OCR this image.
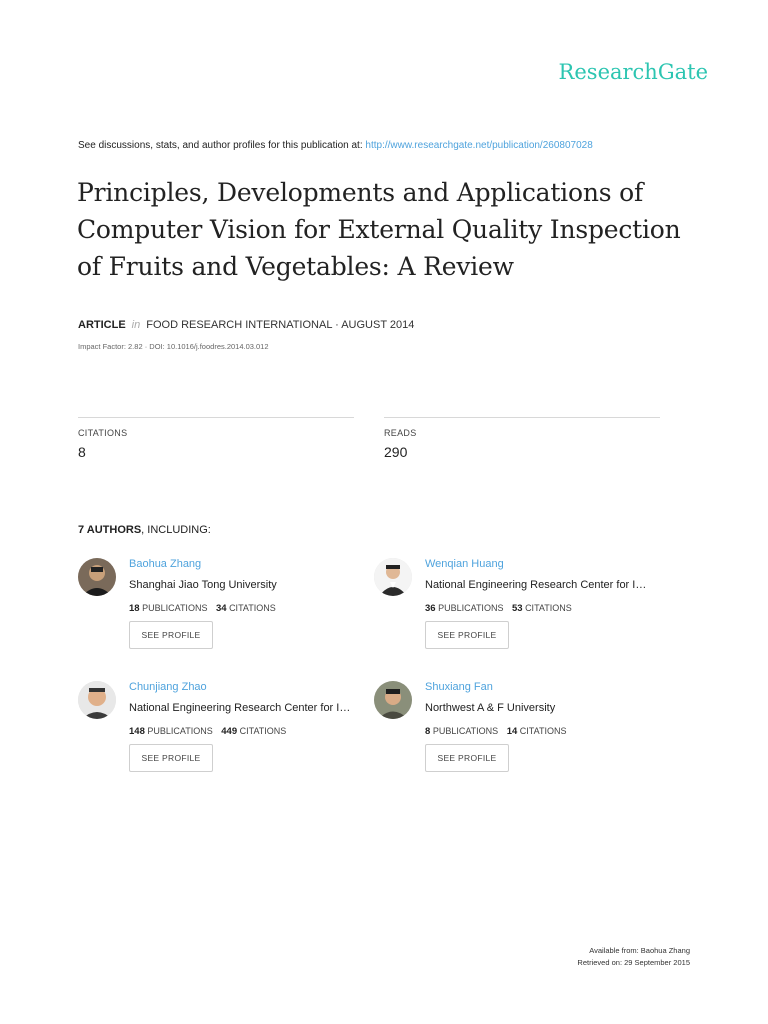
ResearchGate
See discussions, stats, and author profiles for this publication at: http://www.researchgate.net/publication/260807028
Principles, Developments and Applications of Computer Vision for External Quality Inspection of Fruits and Vegetables: A Review
ARTICLE in FOOD RESEARCH INTERNATIONAL · AUGUST 2014
Impact Factor: 2.82 · DOI: 10.1016/j.foodres.2014.03.012
CITATIONS
8
READS
290
7 AUTHORS, INCLUDING:
Baohua Zhang
Shanghai Jiao Tong University
18 PUBLICATIONS 34 CITATIONS
SEE PROFILE
Wenqian Huang
National Engineering Research Center for I…
36 PUBLICATIONS 53 CITATIONS
SEE PROFILE
Chunjiang Zhao
National Engineering Research Center for I…
148 PUBLICATIONS 449 CITATIONS
SEE PROFILE
Shuxiang Fan
Northwest A & F University
8 PUBLICATIONS 14 CITATIONS
SEE PROFILE
Available from: Baohua Zhang
Retrieved on: 29 September 2015
